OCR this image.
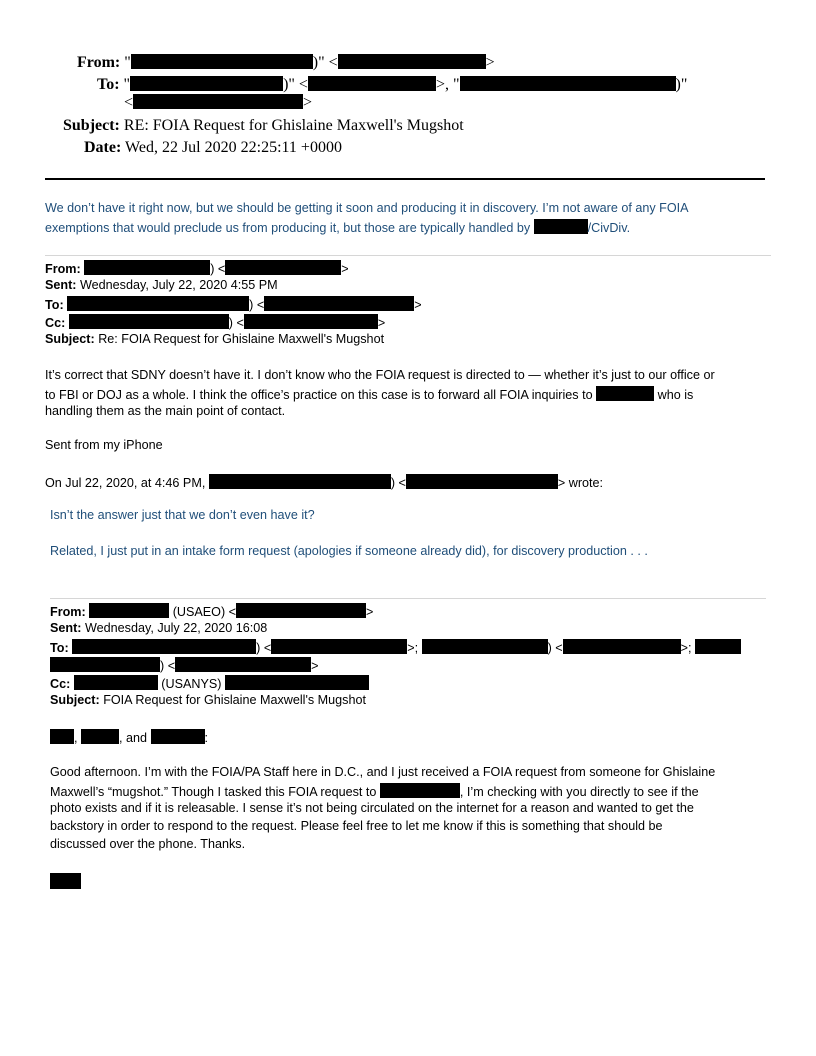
From: "	)" <	>
To: "	)" <	>, "	)"
<	>
Subject: RE: FOIA Request for Ghislaine Maxwell's Mugshot
Date: Wed, 22 Jul 2020 22:25:11 +0000
We don’t have it right now, but we should be getting it soon and producing it in discovery. I’m not aware of any FOIA
exemptions that would preclude us from producing it, but those are typically handled by	/CivDiv.
From:	) <	>
Sent: Wednesday, July 22, 2020 4:55 PM
To:	) <	>
Cc:	) <	>
Subject: Re: FOIA Request for Ghislaine Maxwell's Mugshot
It’s correct that SDNY doesn’t have it. I don’t know who the FOIA request is directed to — whether it’s just to our office or
to FBI or DOJ as a whole. I think the office’s practice on this case is to forward all FOIA inquiries to	who is
handling them as the main point of contact.
Sent from my iPhone
On Jul 22, 2020, at 4:46 PM,	) <	> wrote:
Isn’t the answer just that we don’t even have it?
Related, I just put in an intake form request (apologies if someone already did), for discovery production . . .
From:	(USAEO) <	>
Sent: Wednesday, July 22, 2020 16:08
To:	) <	>;	) <	>;
) <	>
Cc:	(USANYS)
Subject: FOIA Request for Ghislaine Maxwell's Mugshot
,	, and	:
Good afternoon. I’m with the FOIA/PA Staff here in D.C., and I just received a FOIA request from someone for Ghislaine
Maxwell’s “mugshot.” Though I tasked this FOIA request to	, I’m checking with you directly to see if the
photo exists and if it is releasable. I sense it’s not being circulated on the internet for a reason and wanted to get the
backstory in order to respond to the request. Please feel free to let me know if this is something that should be
discussed over the phone. Thanks.
